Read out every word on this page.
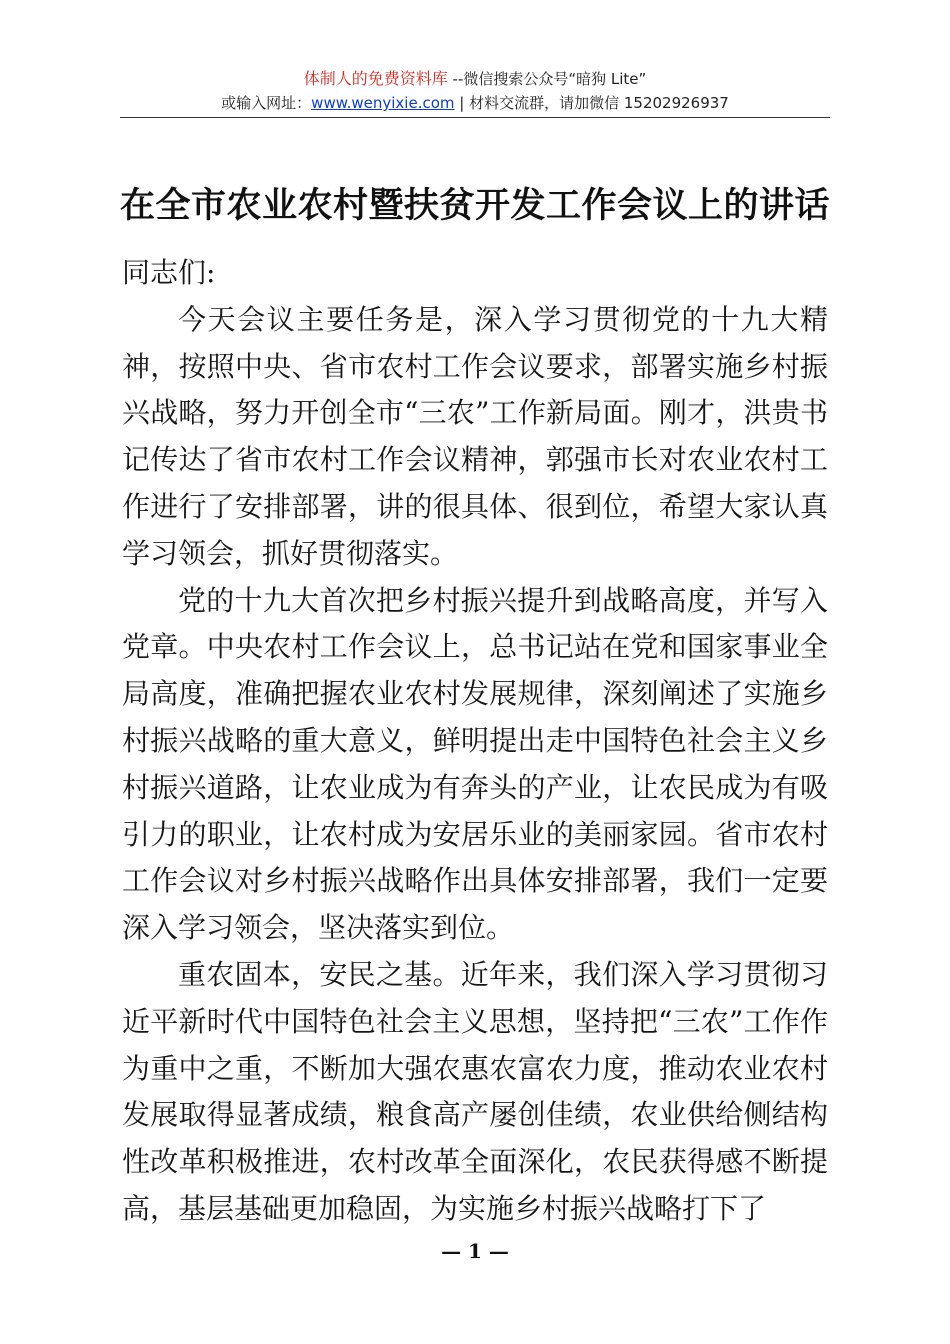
体制人的免费资料库 --微信搜索公众号“暗狗 Lite”
或输入网址：www.wenyixie.com | 材料交流群，请加微信 15202926937
在全市农业农村暨扶贫开发工作会议上的讲话

同志们:

今天会议主要任务是，深入学习贯彻党的十九大精神，按照中央、省市农村工作会议要求，部署实施乡村振兴战略，努力开创全市“三农”工作新局面。刚才，洪贵书记传达了省市农村工作会议精神，郭强市长对农业农村工作进行了安排部署，讲的很具体、很到位，希望大家认真学习领会，抓好贯彻落实。

党的十九大首次把乡村振兴提升到战略高度，并写入党章。中央农村工作会议上，总书记站在党和国家事业全局高度，准确把握农业农村发展规律，深刻阐述了实施乡村振兴战略的重大意义，鲜明提出走中国特色社会主义乡村振兴道路，让农业成为有奔头的产业，让农民成为有吸引力的职业，让农村成为安居乐业的美丽家园。省市农村工作会议对乡村振兴战略作出具体安排部署，我们一定要深入学习领会，坚决落实到位。

重农固本，安民之基。近年来，我们深入学习贯彻习近平新时代中国特色社会主义思想，坚持把“三农”工作作为重中之重，不断加大强农惠农富农力度，推动农业农村发展取得显著成绩，粮食高产屡创佳绩，农业供给侧结构性改革积极推进，农村改革全面深化，农民获得感不断提高，基层基础更加稳固，为实施乡村振兴战略打下了

— 1 —
